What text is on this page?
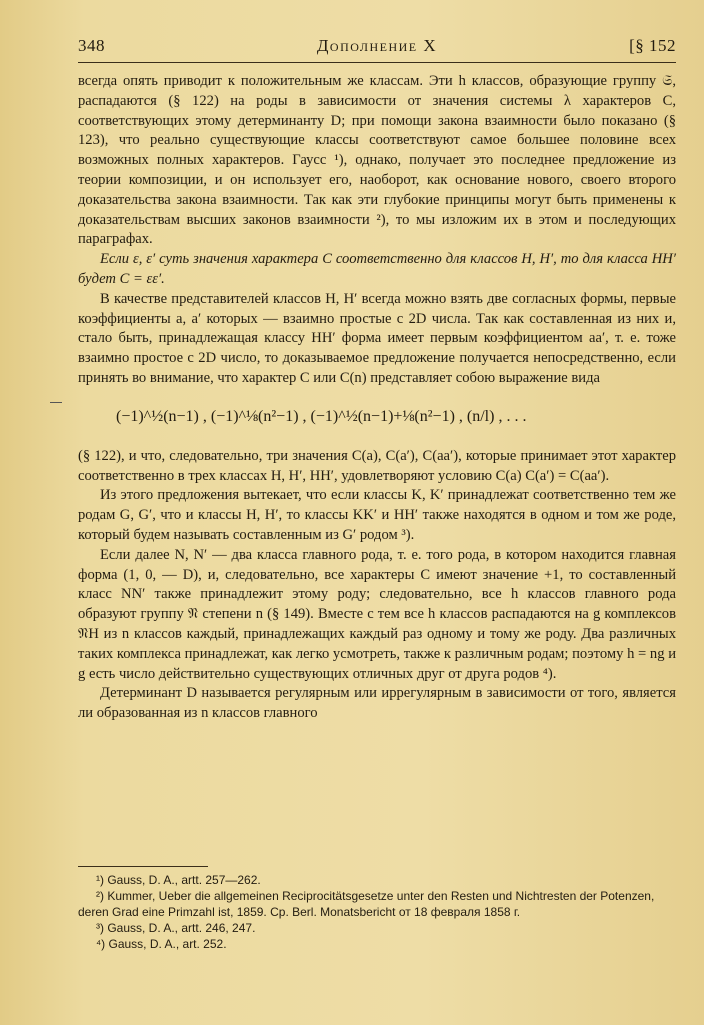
348	Дополнение X	[§ 152

всегда опять приводит к положительным же классам. Эти h классов, образующие группу 𝔖, распадаются (§ 122) на роды в зависимости от значения системы λ характеров C, соответствующих этому детерминанту D; при помощи закона взаимности было показано (§ 123), что реально существующие классы соответствуют самое большее половине всех возможных полных характеров. Гаусс ¹), однако, получает это последнее предложение из теории композиции, и он использует его, наоборот, как основание нового, своего второго доказательства закона взаимности. Так как эти глубокие принципы могут быть применены к доказательствам высших законов взаимности ²), то мы изложим их в этом и последующих параграфах.

Если ε, ε′ суть значения характера C соответственно для классов H, H′, то для класса HH′ будет C = εε′.

В качестве представителей классов H, H′ всегда можно взять две согласных формы, первые коэффициенты a, a′ которых — взаимно простые с 2D числа. Так как составленная из них и, стало быть, принадлежащая классу HH′ форма имеет первым коэффициентом aa′, т. е. тоже взаимно простое с 2D число, то доказываемое предложение получается непосредственно, если принять во внимание, что характер C или C(n) представляет собою выражение вида

(−1)^½(n−1) , (−1)^⅛(n²−1) , (−1)^½(n−1)+⅛(n²−1) , (n/l) , . . .

(§ 122), и что, следовательно, три значения C(a), C(a′), C(aa′), которые принимает этот характер соответственно в трех классах H, H′, HH′, удовлетворяют условию C(a) C(a′) = C(aa′).

Из этого предложения вытекает, что если классы K, K′ принадлежат соответственно тем же родам G, G′, что и классы H, H′, то классы KK′ и HH′ также находятся в одном и том же роде, который будем называть составленным из G′ родом ³).

Если далее N, N′ — два класса главного рода, т. е. того рода, в котором находится главная форма (1, 0, — D), и, следовательно, все характеры C имеют значение +1, то составленный класс NN′ также принадлежит этому роду; следовательно, все h классов главного рода образуют группу 𝔑 степени n (§ 149). Вместе с тем все h классов распадаются на g комплексов 𝔑H из n классов каждый, принадлежащих каждый раз одному и тому же роду. Два различных таких комплекса принадлежат, как легко усмотреть, также к различным родам; поэтому h = ng и g есть число действительно существующих отличных друг от друга родов ⁴).

Детерминант D называется регулярным или иррегулярным в зависимости от того, является ли образованная из n классов главного

¹) Gauss, D. A., artt. 257—262.

²) Kummer, Ueber die allgemeinen Reciprocitätsgesetze unter den Resten und Nichtresten der Potenzen, deren Grad eine Primzahl ist, 1859. Cp. Berl. Monatsbericht от 18 февраля 1858 г.

³) Gauss, D. A., artt. 246, 247.

⁴) Gauss, D. A., art. 252.
